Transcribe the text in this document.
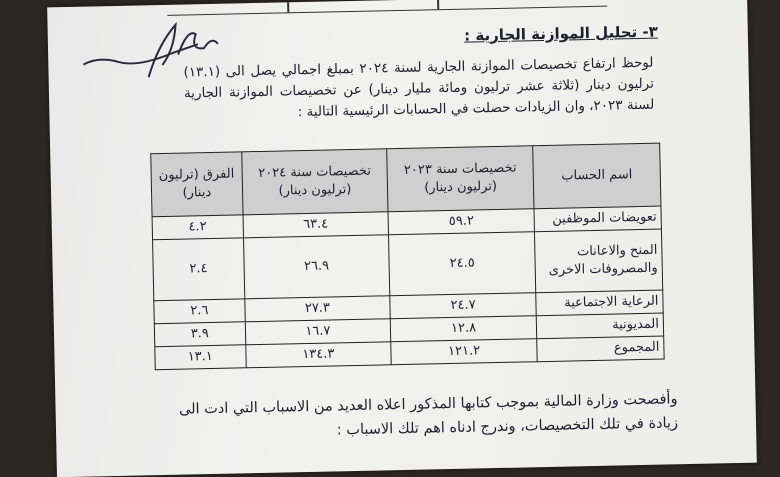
٣- تحليل الموازنة الجارية :
لوحظ ارتفاع تخصيصات الموازنة الجارية لسنة ٢٠٢٤ بمبلغ اجمالي يصل الى (١٣.١) ترليون دينار (ثلاثة عشر ترليون ومائة مليار دينار) عن تخصيصات الموازنة الجارية لسنة ٢٠٢٣، وان الزيادات حصلت في الحسابات الرئيسية التالية :
اسم الحساب	تخصيصات سنة ٢٠٢٣ (ترليون دينار)	تخصيصات سنة ٢٠٢٤ (ترليون دينار)	الفرق (ترليون دينار)
تعويضات الموظفين	٥٩.٢	٦٣.٤	٤.٢
المنح والاعانات والمصروفات الاخرى	٢٤.٥	٢٦.٩	٢.٤
الرعاية الاجتماعية	٢٤.٧	٢٧.٣	٢.٦
المديونية	١٢.٨	١٦.٧	٣.٩
المجموع	١٢١.٢	١٣٤.٣	١٣.١
وأفصحت وزارة المالية بموجب كتابها المذكور اعلاه العديد من الاسباب التي ادت الى زيادة في تلك التخصيصات، وندرج ادناه اهم تلك الاسباب :
